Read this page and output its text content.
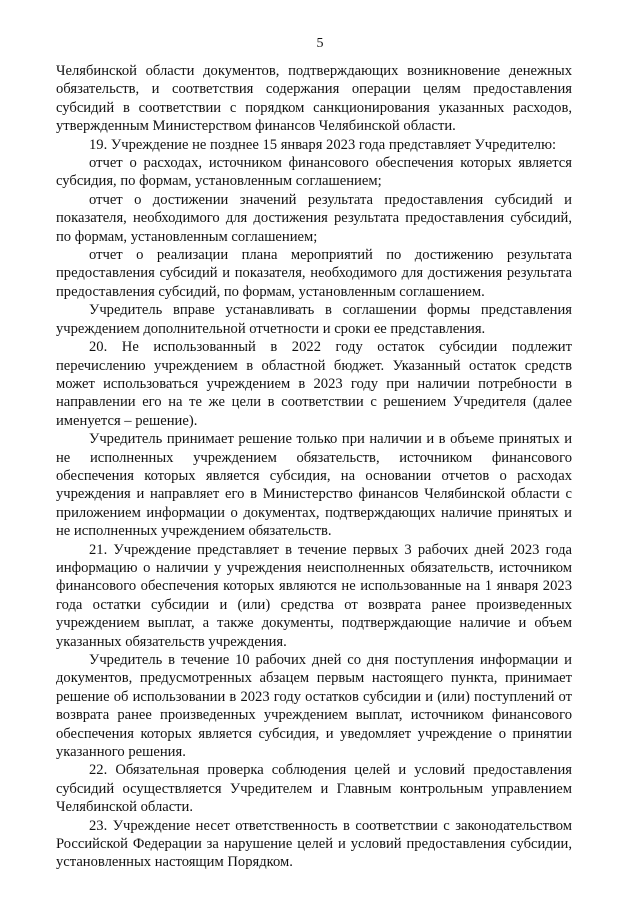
5

Челябинской области документов, подтверждающих возникновение денежных обязательств, и соответствия содержания операции целям предоставления субсидий в соответствии с порядком санкционирования указанных расходов, утвержденным Министерством финансов Челябинской области.

19. Учреждение не позднее 15 января 2023 года представляет Учредителю:

отчет о расходах, источником финансового обеспечения которых является субсидия, по формам, установленным соглашением;

отчет о достижении значений результата предоставления субсидий и показателя, необходимого для достижения результата предоставления субсидий, по формам, установленным соглашением;

отчет о реализации плана мероприятий по достижению результата предоставления субсидий и показателя, необходимого для достижения результата предоставления субсидий, по формам, установленным соглашением.

Учредитель вправе устанавливать в соглашении формы представления учреждением дополнительной отчетности и сроки ее представления.

20. Не использованный в 2022 году остаток субсидии подлежит перечислению учреждением в областной бюджет. Указанный остаток средств может использоваться учреждением в 2023 году при наличии потребности в направлении его на те же цели в соответствии с решением Учредителя (далее именуется – решение).

Учредитель принимает решение только при наличии и в объеме принятых и не исполненных учреждением обязательств, источником финансового обеспечения которых является субсидия, на основании отчетов о расходах учреждения и направляет его в Министерство финансов Челябинской области с приложением информации о документах, подтверждающих наличие принятых и не исполненных учреждением обязательств.

21. Учреждение представляет в течение первых 3 рабочих дней 2023 года информацию о наличии у учреждения неисполненных обязательств, источником финансового обеспечения которых являются не использованные на 1 января 2023 года остатки субсидии и (или) средства от возврата ранее произведенных учреждением выплат, а также документы, подтверждающие наличие и объем указанных обязательств учреждения.

Учредитель в течение 10 рабочих дней со дня поступления информации и документов, предусмотренных абзацем первым настоящего пункта, принимает решение об использовании в 2023 году остатков субсидии и (или) поступлений от возврата ранее произведенных учреждением выплат, источником финансового обеспечения которых является субсидия, и уведомляет учреждение о принятии указанного решения.

22. Обязательная проверка соблюдения целей и условий предоставления субсидий осуществляется Учредителем и Главным контрольным управлением Челябинской области.

23. Учреждение несет ответственность в соответствии с законодательством Российской Федерации за нарушение целей и условий предоставления субсидии, установленных настоящим Порядком.
